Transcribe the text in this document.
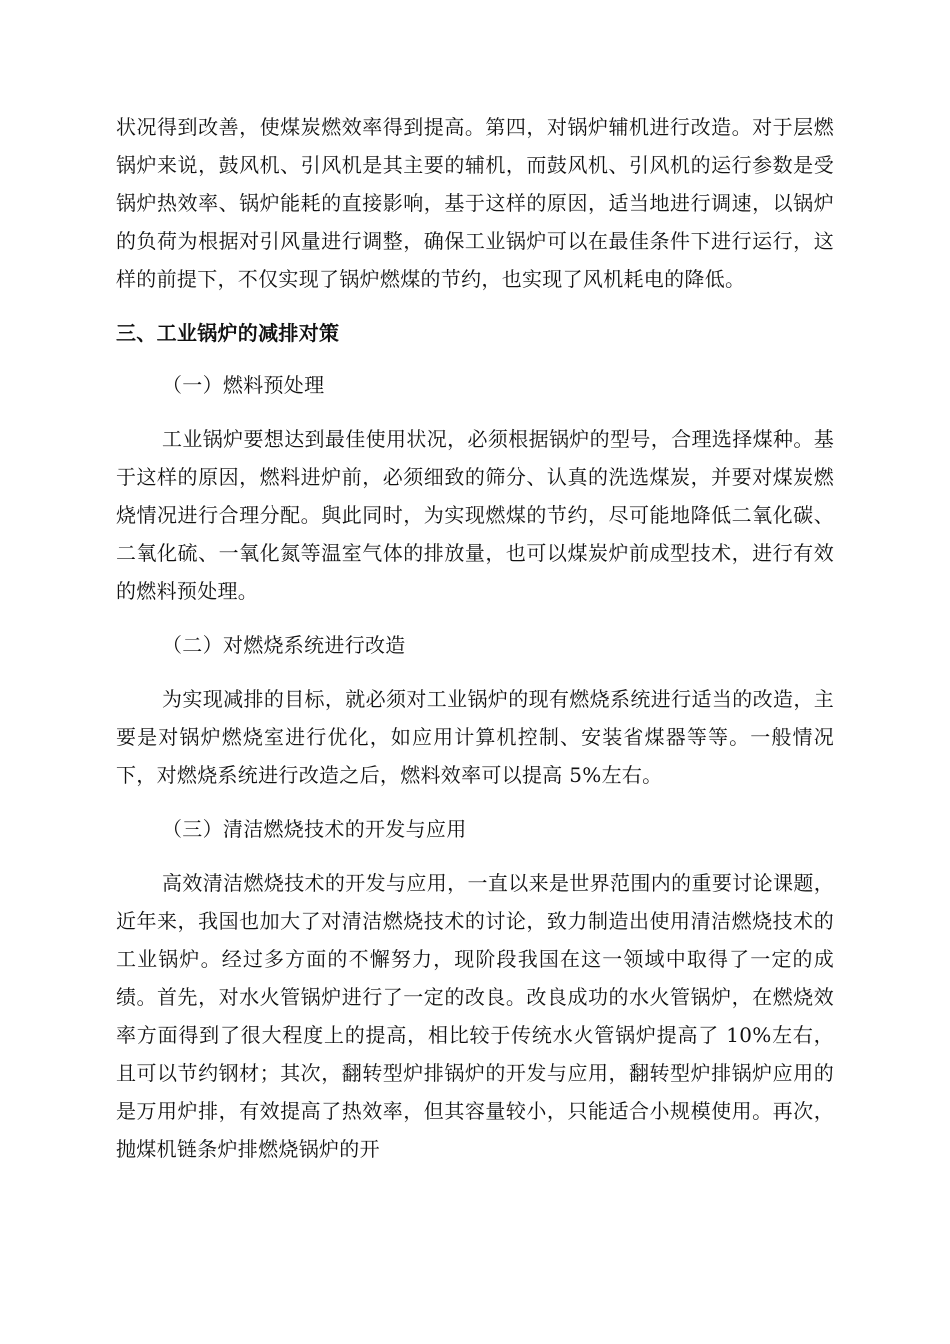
状况得到改善，使煤炭燃效率得到提高。第四，对锅炉辅机进行改造。对于层燃锅炉来说，鼓风机、引风机是其主要的辅机，而鼓风机、引风机的运行参数是受锅炉热效率、锅炉能耗的直接影响，基于这样的原因，适当地进行调速，以锅炉的负荷为根据对引风量进行调整，确保工业锅炉可以在最佳条件下进行运行，这样的前提下，不仅实现了锅炉燃煤的节约，也实现了风机耗电的降低。

三、工业锅炉的减排对策

（一）燃料预处理

工业锅炉要想达到最佳使用状况，必须根据锅炉的型号，合理选择煤种。基于这样的原因，燃料进炉前，必须细致的筛分、认真的洗选煤炭，并要对煤炭燃烧情况进行合理分配。與此同时，为实现燃煤的节约，尽可能地降低二氧化碳、二氧化硫、一氧化氮等温室气体的排放量，也可以煤炭炉前成型技术，进行有效的燃料预处理。

（二）对燃烧系统进行改造

为实现减排的目标，就必须对工业锅炉的现有燃烧系统进行适当的改造，主要是对锅炉燃烧室进行优化，如应用计算机控制、安装省煤器等等。一般情况下，对燃烧系统进行改造之后，燃料效率可以提高 5%左右。

（三）清洁燃烧技术的开发与应用

高效清洁燃烧技术的开发与应用，一直以来是世界范围内的重要讨论课题，近年来，我国也加大了对清洁燃烧技术的讨论，致力制造出使用清洁燃烧技术的工业锅炉。经过多方面的不懈努力，现阶段我国在这一领域中取得了一定的成绩。首先，对水火管锅炉进行了一定的改良。改良成功的水火管锅炉，在燃烧效率方面得到了很大程度上的提高，相比较于传统水火管锅炉提高了 10%左右，且可以节约钢材；其次，翻转型炉排锅炉的开发与应用，翻转型炉排锅炉应用的是万用炉排，有效提高了热效率，但其容量较小，只能适合小规模使用。再次，抛煤机链条炉排燃烧锅炉的开
